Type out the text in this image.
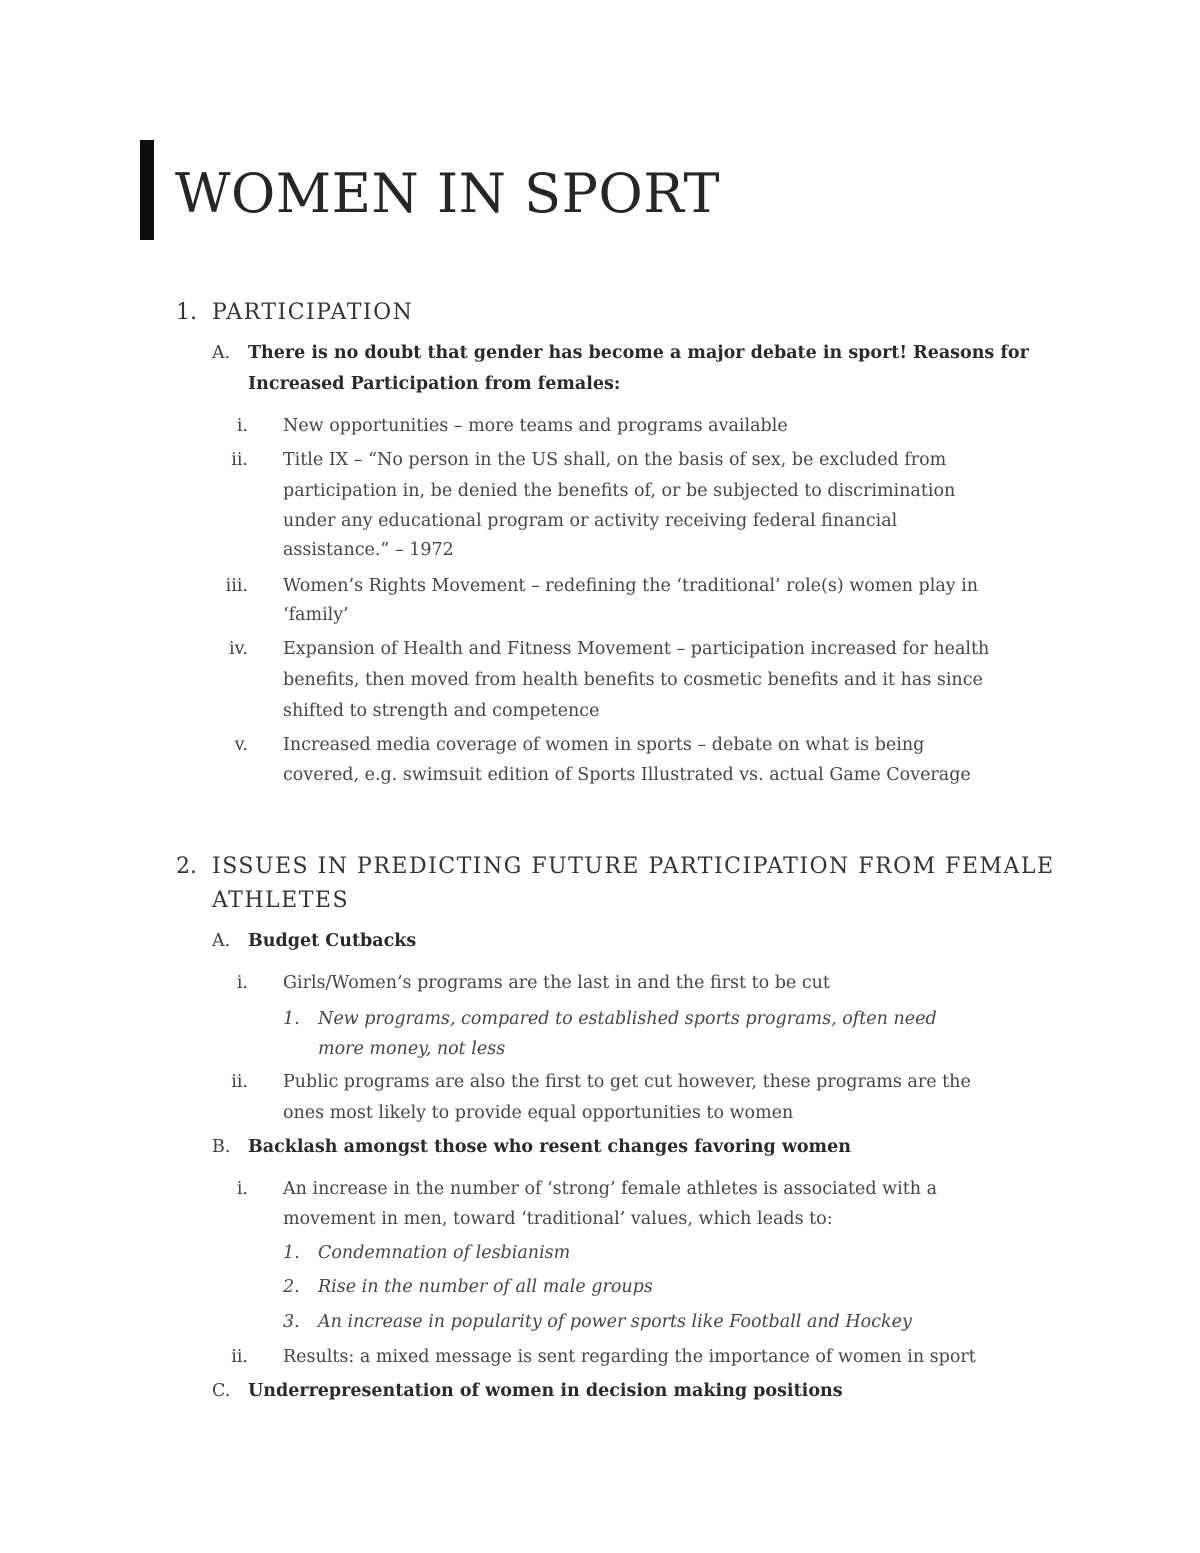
WOMEN IN SPORT
1. PARTICIPATION
A. There is no doubt that gender has become a major debate in sport! Reasons for
Increased Participation from females:
i. New opportunities – more teams and programs available
ii. Title IX – “No person in the US shall, on the basis of sex, be excluded from
participation in, be denied the benefits of, or be subjected to discrimination
under any educational program or activity receiving federal financial
assistance.” – 1972
iii. Women’s Rights Movement – redefining the ‘traditional’ role(s) women play in
‘family’
iv. Expansion of Health and Fitness Movement – participation increased for health
benefits, then moved from health benefits to cosmetic benefits and it has since
shifted to strength and competence
v. Increased media coverage of women in sports – debate on what is being
covered, e.g. swimsuit edition of Sports Illustrated vs. actual Game Coverage
2. ISSUES IN PREDICTING FUTURE PARTICIPATION FROM FEMALE
ATHLETES
A. Budget Cutbacks
i. Girls/Women’s programs are the last in and the first to be cut
1. New programs, compared to established sports programs, often need
more money, not less
ii. Public programs are also the first to get cut however, these programs are the
ones most likely to provide equal opportunities to women
B. Backlash amongst those who resent changes favoring women
i. An increase in the number of ‘strong’ female athletes is associated with a
movement in men, toward ‘traditional’ values, which leads to:
1. Condemnation of lesbianism
2. Rise in the number of all male groups
3. An increase in popularity of power sports like Football and Hockey
ii. Results: a mixed message is sent regarding the importance of women in sport
C. Underrepresentation of women in decision making positions
